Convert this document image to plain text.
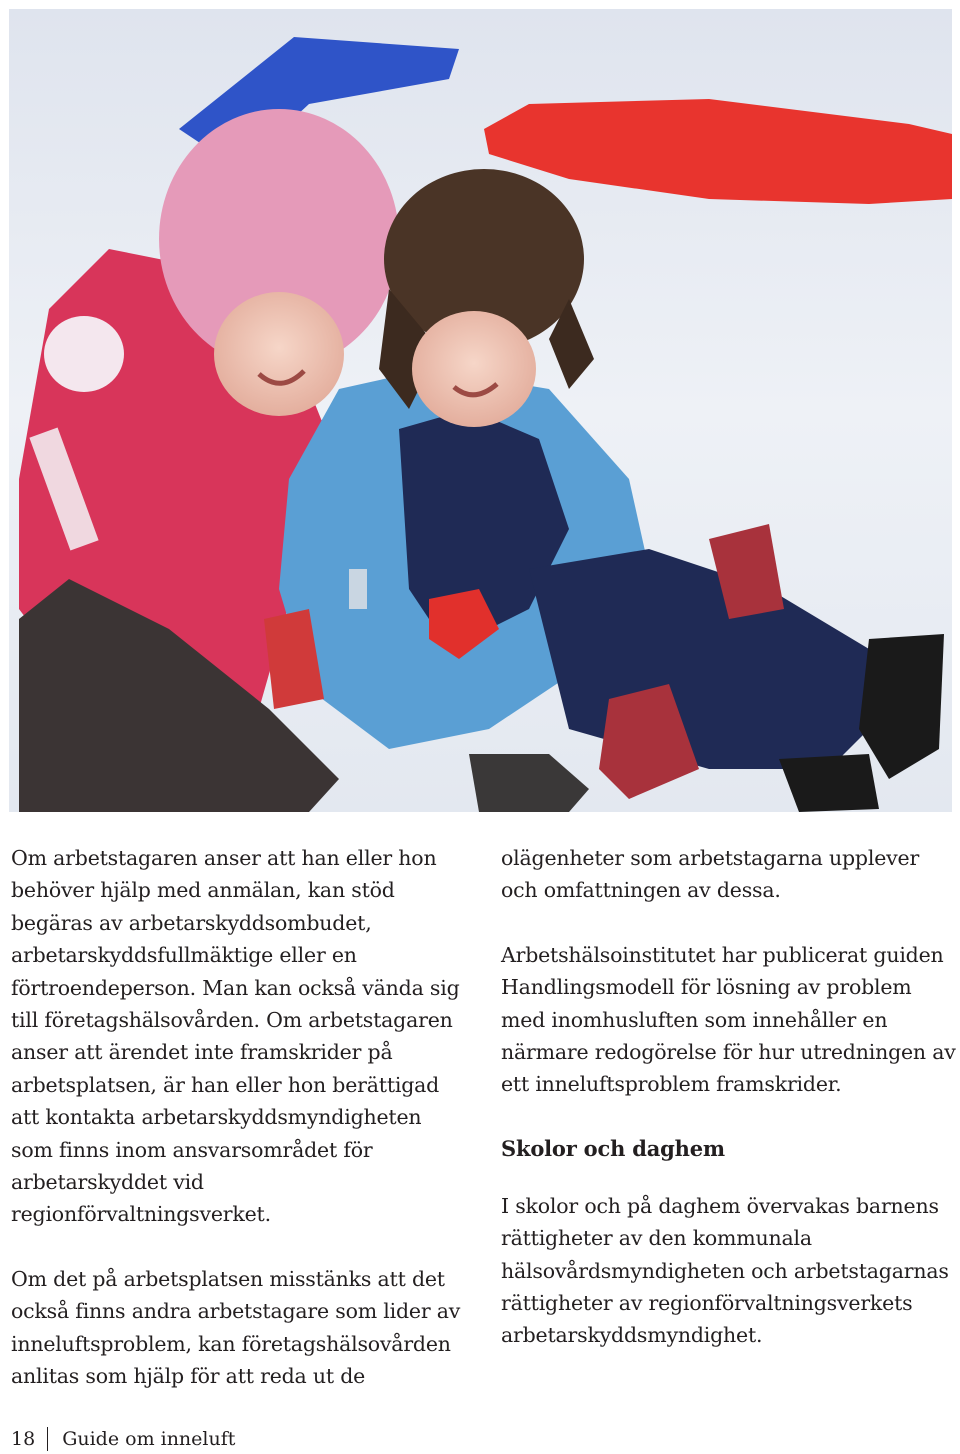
Om arbetstagaren anser att han eller hon behöver hjälp med anmälan, kan stöd begäras av arbetarskyddsombudet, arbetarskyddsfullmäktige eller en förtroendeperson. Man kan också vända sig till företagshälsovården. Om arbetstagaren anser att ärendet inte framskrider på arbetsplatsen, är han eller hon berättigad att kontakta arbetarskyddsmyndigheten som finns inom ansvarsområdet för arbetarskyddet vid regionförvaltningsverket.
Om det på arbetsplatsen misstänks att det också finns andra arbetstagare som lider av inneluftsproblem, kan företagshälsovården anlitas som hjälp för att reda ut de
olägenheter som arbetstagarna upplever och omfattningen av dessa.
Arbetshälsoinstitutet har publicerat guiden Handlingsmodell för lösning av problem med inomhusluften som innehåller en närmare redogörelse för hur utredningen av ett inneluftsproblem framskrider.
Skolor och daghem
I skolor och på daghem övervakas barnens rättigheter av den kommunala hälsovårdsmyndigheten och arbetstagarnas rättigheter av regionförvaltningsverkets arbetarskyddsmyndighet.
18 Guide om inneluft
